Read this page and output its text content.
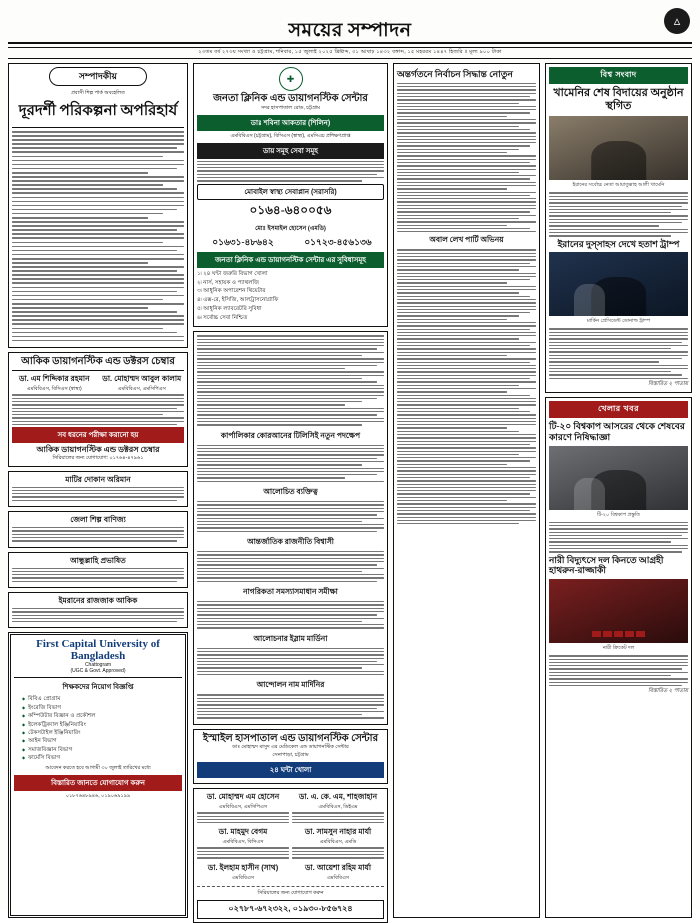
সময়ের সম্পাদন	▵
২৩তম বর্ষ ২৭৩য় সংখ্যা ও চট্টগ্রাম, শনিবার, ১৫ জুলাই ২০২৫ খ্রিষ্টাব্দ, ৩১ আষাঢ় ১৪৩২ বঙ্গাব্দ, ১৫ মহররম ১৪৪৭ হিজরি ॥ মূল্য ৯০০ টাকা
সম্পাদকীয়
প্রবাসী শিল্প পার্ক অবহেলিত
দূরদর্শী পরিকল্পনা অপরিহার্য
আকিক ডায়াগনস্টিক এন্ড ডক্টরস চেম্বার
ডা. এম শিদ্দিকার রহমান
এমবিবিএস, বিসিএস (স্বাস্থ্য)
ডা. মোহাম্মদ আবুল কালাম
এমবিবিএস, এমসিপিএস
সব ধরনের পরীক্ষা করানো হয়
আকিক ডায়াগনস্টিক এন্ড ডক্টরস চেম্বার
সিরিয়ালের জন্য যোগাযোগ: ০১৭৬৪-৪৭৯৬১
মাটির দোকান অরিমান
জেলা শিল্প বাণিজ্য
আন্ধুল্লাহি প্রভাষিত
ইমরানের রাজজাক আকিক
First Capital University of Bangladesh
Chattogram
(UGC & Govt. Approved)
শিক্ষকদের নিয়োগ বিজ্ঞপ্তি
◆ বিবিএ প্রোগ্রাম
◆ ইংরেজি বিভাগ
◆ কম্পিউটার বিজ্ঞান ও প্রকৌশল
◆ ইলেকট্রিক্যাল ইঞ্জিনিয়ারিং
◆ টেকসটাইল ইঞ্জিনিয়ারিং
◆ আইন বিভাগ
◆ সমাজবিজ্ঞান বিভাগ
◆ ফার্মেসি বিভাগ
আবেদন করতে হবে আগামী ৩০ জুলাই তারিখের মধ্যে
বিস্তারিত জানতে যোগাযোগ করুন
০১৮৭৬৪৮৯৪৬, ০১৯০৬৯১৯৯
✚
জনতা ক্লিনিক এন্ড ডায়াগনস্টিক সেন্টার
সদর হাসপাতাল রোড, চট্টগ্রাম
ডাঃ শবিনা আকতার (শিলিন)
এমবিবিএস (চট্টগ্রাম), বিসিএস (স্বাস্থ্য), এমসিএচ প্রশিক্ষণপ্রাপ্ত
ডায় সমূহ সেবা সমূহ
মোবাইল স্বাস্থ্য সেবাপ্লান (সরাসরি)
০১৬৪-৬৪০০৫৬
মোঃ ইসমাইল হোসেন (এমডি)
০১৬৩১-৪৮৬৪২	০১৭২৩-৪৫৬১৩৬
জনতা ক্লিনিক এন্ড ডায়াগনস্টিক সেন্টার এর সুবিধাসমূহ
১৷ ২৪ ঘন্টা জরুরি বিভাগ খোলা
২৷ নার্স, সহায়ক ও প্যাথলজি
৩৷ আধুনিক অপারেশন থিয়েটার
৪৷ এক্স-রে, ইসিজি, আলট্রাসনোগ্রাফি
৫৷ আধুনিক ল্যাবরেটরি সুবিধা
৬৷ সর্বোচ্চ সেবা নিশ্চিত
কার্পালিকার কোরআনের টিলিসিই নতুন পদক্ষেপ
আলোচিত ব্যক্তিত্ব
আন্তর্জাতিক রাজনীতি বিশ্বাসী
নাগরিকতা সমস্যাসমাধান সমীক্ষা
আলোচনার ইস্লাম মার্ডিনা
আন্দোলন নাম মার্দিনির
ইস্মাইল হাসপাতাল এন্ড ডায়াগনস্টিক সেন্টার
ডাঃ মোহাম্মদ মাসুদ এর মেডিকেল এন্ড ডায়াগনস্টিক সেন্টার
সেনাপাড়া, চট্টগ্রাম
২৪ ঘন্টা খোলা
ডা. মোহাম্মদ এম হোসেন
এমবিবিএস, এমসিপিএস
ডা. এ. কে. এম, শাহজাহান
এমবিবিএস, ডিইএম
ডা. মাহমুদ বেগম
এমবিবিএস, বিসিএস
ডা. সামসুন নাহার মার্যা
এমবিবিএস, এমডি
ডা. ইলহাম হাসীন (সাথ)
এমবিবিএস
ডা. আয়েশা রহিম মার্যা
এমবিবিএস
সিরিয়ালের জন্য যোগাযোগ করুন
০২৭৮৭-৬৭২৩২২, ০১৯৩০-৮৫৬৭২৪
অন্তর্গতনে নির্বাচন সিদ্ধান্ত নোতুন
অবাল লেখ পার্টি অভিনয়
বিশ্ব সংবাদ
খামেনির শেষ বিদায়ের অনুষ্ঠান স্থগিত
ইরানের সর্বোচ্চ নেতা আয়াতুল্লাহ আলী খামেনি
ইরানের দুস্সাহস দেখে হতাশ ট্রাম্প
মার্কিন প্রেসিডেন্ট ডোনাল্ড ট্রাম্প
বিস্তারিত ২ পাতায়
খেলার খবর
টি-২০ বিশ্বকাপ আসরের থেকে শেষবের কারণে নিষিদ্ধাজ্ঞা
টি-২০ বিশ্বকাপ প্রস্তুতি
নারী বিদ্যুৎসে দল কিনতে আগ্রহী হাথরুন-রাজ্জাকী
নারী ক্রিকেট দল
বিস্তারিত ২ পাতায়
